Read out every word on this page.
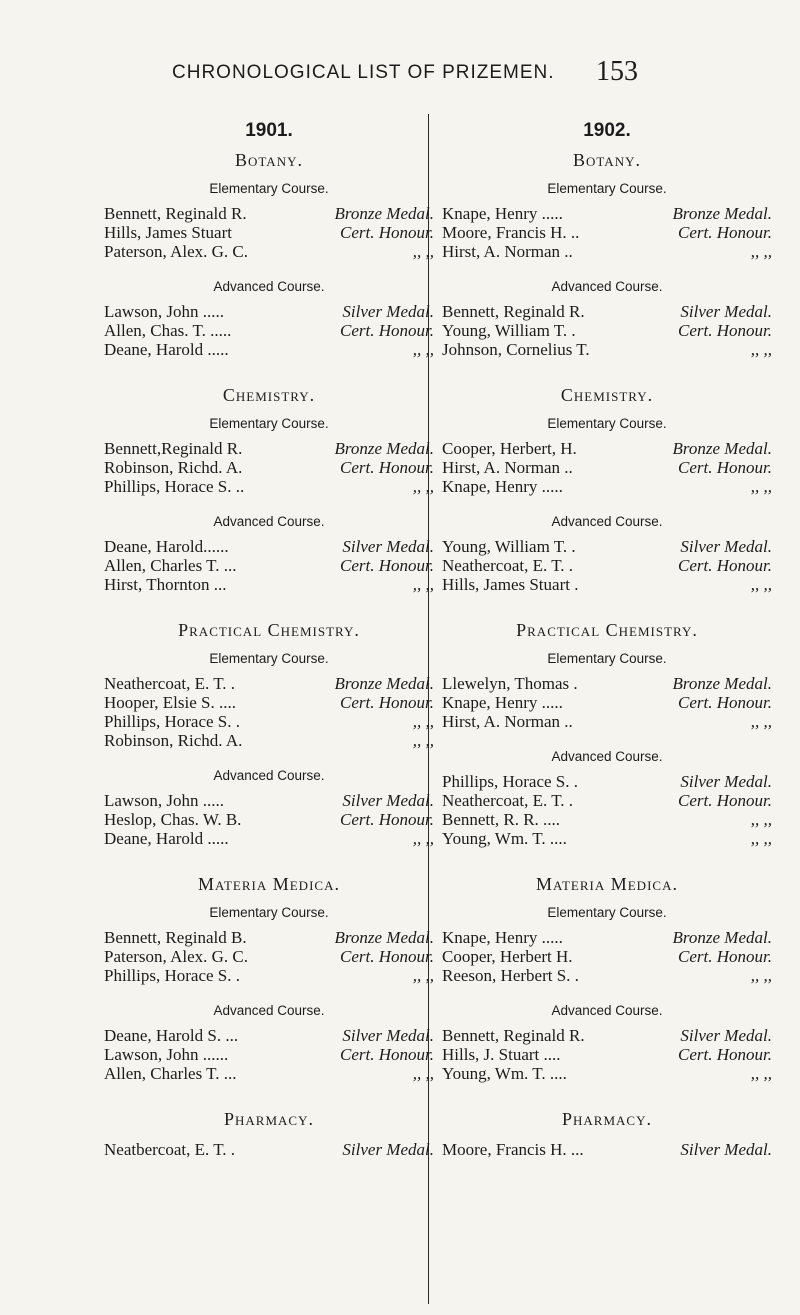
CHRONOLOGICAL LIST OF PRIZEMEN. 153
1901.
Botany.
Elementary Course.
Bennett, Reginald R.	Bronze Medal.
Hills, James Stuart	Cert. Honour.
Paterson, Alex. G. C.	,, ,,
Advanced Course.
Lawson, John .....	Silver Medal.
Allen, Chas. T. .....	Cert. Honour.
Deane, Harold .....	,, ,,
Chemistry.
Elementary Course.
Bennett,Reginald R.	Bronze Medal.
Robinson, Richd. A.	Cert. Honour.
Phillips, Horace S. ..	,, ,,
Advanced Course.
Deane, Harold......	Silver Medal.
Allen, Charles T. ...	Cert. Honour.
Hirst, Thornton ...	,, ,,
Practical Chemistry.
Elementary Course.
Neathercoat, E. T. .	Bronze Medal.
Hooper, Elsie S. ....	Cert. Honour.
Phillips, Horace S. .	,, ,,
Robinson, Richd. A.	,, ,,
Advanced Course.
Lawson, John .....	Silver Medal.
Heslop, Chas. W. B.	Cert. Honour.
Deane, Harold .....	,, ,,
Materia Medica.
Elementary Course.
Bennett, Reginald B.	Bronze Medal.
Paterson, Alex. G. C.	Cert. Honour.
Phillips, Horace S. .	,, ,,
Advanced Course.
Deane, Harold S. ...	Silver Medal.
Lawson, John ......	Cert. Honour.
Allen, Charles T. ...	,, ,,
Pharmacy.
Neatbercoat, E. T. .	Silver Medal.
1902.
Botany.
Elementary Course.
Knape, Henry .....	Bronze Medal.
Moore, Francis H. ..	Cert. Honour.
Hirst, A. Norman ..	,, ,,
Advanced Course.
Bennett, Reginald R.	Silver Medal.
Young, William T. .	Cert. Honour.
Johnson, Cornelius T.	,, ,,
Chemistry.
Elementary Course.
Cooper, Herbert, H.	Bronze Medal.
Hirst, A. Norman ..	Cert. Honour.
Knape, Henry .....	,, ,,
Advanced Course.
Young, William T. .	Silver Medal.
Neathercoat, E. T. .	Cert. Honour.
Hills, James Stuart .	,, ,,
Practical Chemistry.
Elementary Course.
Llewelyn, Thomas .	Bronze Medal.
Knape, Henry .....	Cert. Honour.
Hirst, A. Norman ..	,, ,,
Advanced Course.
Phillips, Horace S. .	Silver Medal.
Neathercoat, E. T. .	Cert. Honour.
Bennett, R. R. ....	,, ,,
Young, Wm. T. ....	,, ,,
Materia Medica.
Elementary Course.
Knape, Henry .....	Bronze Medal.
Cooper, Herbert H.	Cert. Honour.
Reeson, Herbert S. .	,, ,,
Advanced Course.
Bennett, Reginald R.	Silver Medal.
Hills, J. Stuart ....	Cert. Honour.
Young, Wm. T. ....	,, ,,
Pharmacy.
Moore, Francis H. ...	Silver Medal.
